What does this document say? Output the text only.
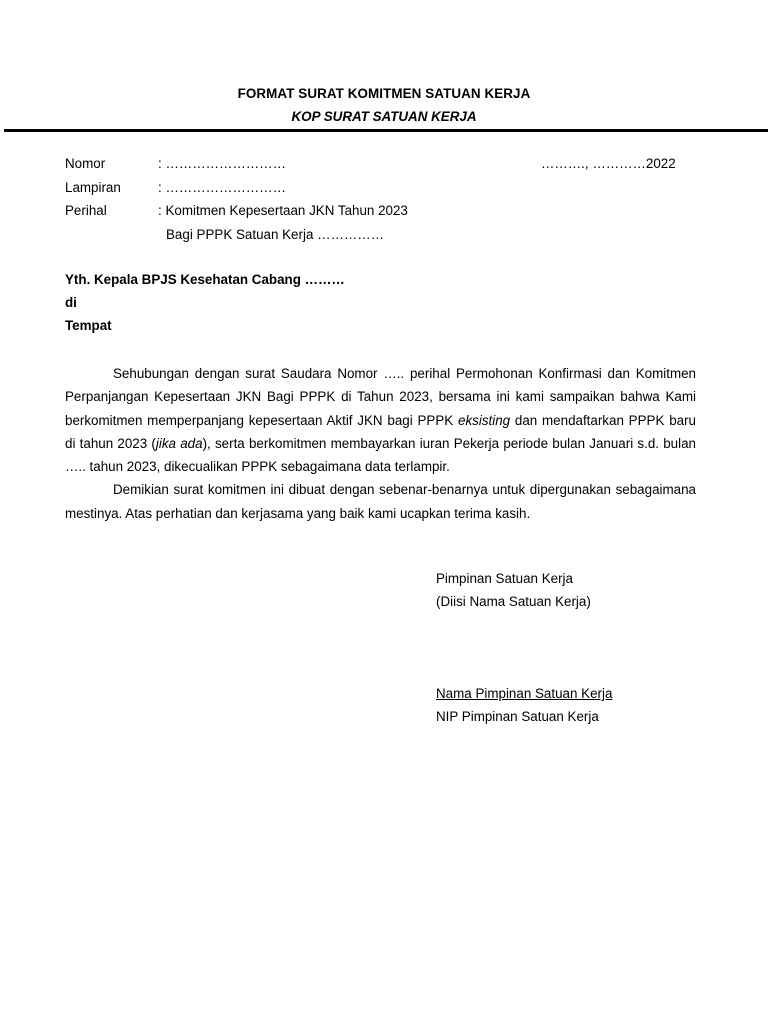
FORMAT SURAT KOMITMEN SATUAN KERJA
KOP SURAT SATUAN KERJA
Nomor	: ………………………	………., …………2022
Lampiran	: ………………………
Perihal	: Komitmen Kepesertaan JKN Tahun 2023
Bagi PPPK Satuan Kerja ……………
Yth. Kepala BPJS Kesehatan Cabang ………
di
Tempat

Sehubungan dengan surat Saudara Nomor ….. perihal Permohonan Konfirmasi dan Komitmen Perpanjangan Kepesertaan JKN Bagi PPPK di Tahun 2023, bersama ini kami sampaikan bahwa Kami berkomitmen memperpanjang kepesertaan Aktif JKN bagi PPPK eksisting dan mendaftarkan PPPK baru di tahun 2023 (jika ada), serta berkomitmen membayarkan iuran Pekerja periode bulan Januari s.d. bulan ….. tahun 2023, dikecualikan PPPK sebagaimana data terlampir.

Demikian surat komitmen ini dibuat dengan sebenar-benarnya untuk dipergunakan sebagaimana mestinya. Atas perhatian dan kerjasama yang baik kami ucapkan terima kasih.

Pimpinan Satuan Kerja
(Diisi Nama Satuan Kerja)
Nama Pimpinan Satuan Kerja
NIP Pimpinan Satuan Kerja
